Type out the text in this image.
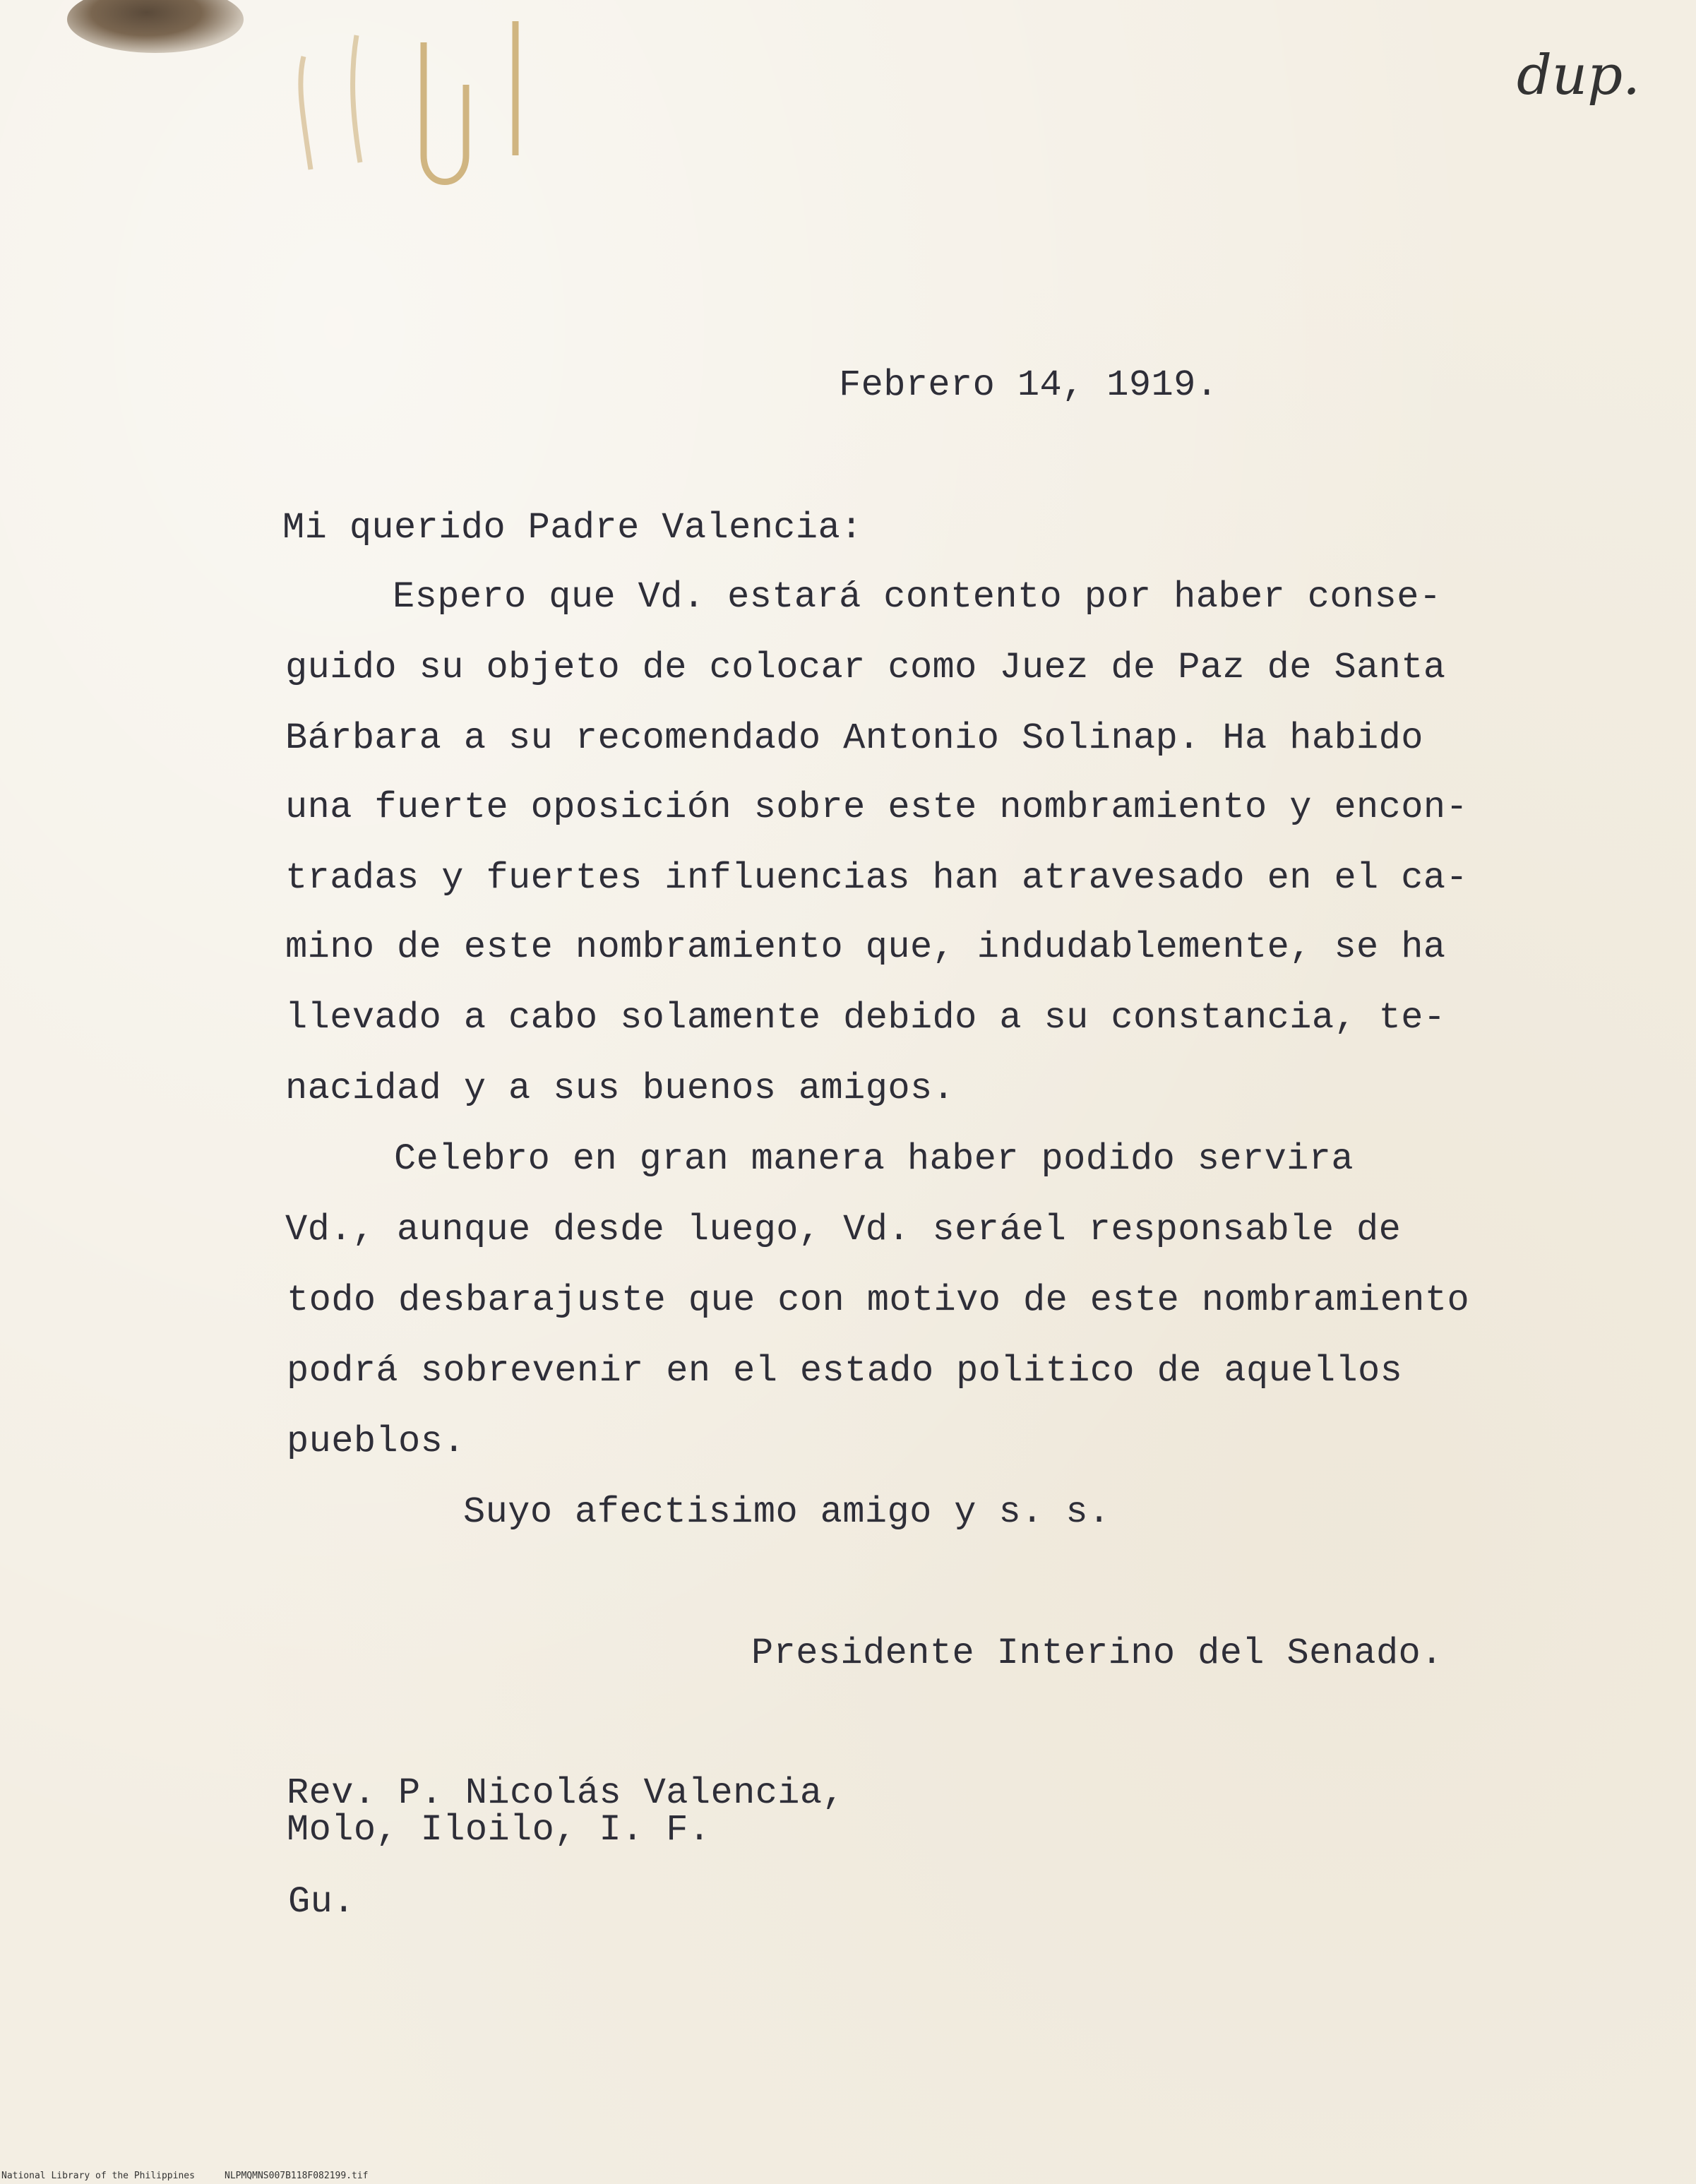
dup.
Febrero 14, 1919.
Mi querido Padre Valencia:
Espero que Vd. estará contento por haber conse-
guido su objeto de colocar como Juez de Paz de Santa
Bárbara a su recomendado Antonio Solinap. Ha habido
una fuerte oposición sobre este nombramiento y encon-
tradas y fuertes influencias han atravesado en el ca-
mino de este nombramiento que, indudablemente, se ha
llevado a cabo solamente debido a su constancia, te-
nacidad y a sus buenos amigos.
Celebro en gran manera haber podido servira
Vd., aunque desde luego, Vd. seráel responsable de
todo desbarajuste que con motivo de este nombramiento
podrá sobrevenir en el estado politico de aquellos
pueblos.
Suyo afectisimo amigo y s. s.
Presidente Interino del Senado.
Rev. P. Nicolás Valencia,
Molo, Iloilo, I. F.
Gu.
National Library of the Philippines	NLPMQMNS007B118F082199.tif
